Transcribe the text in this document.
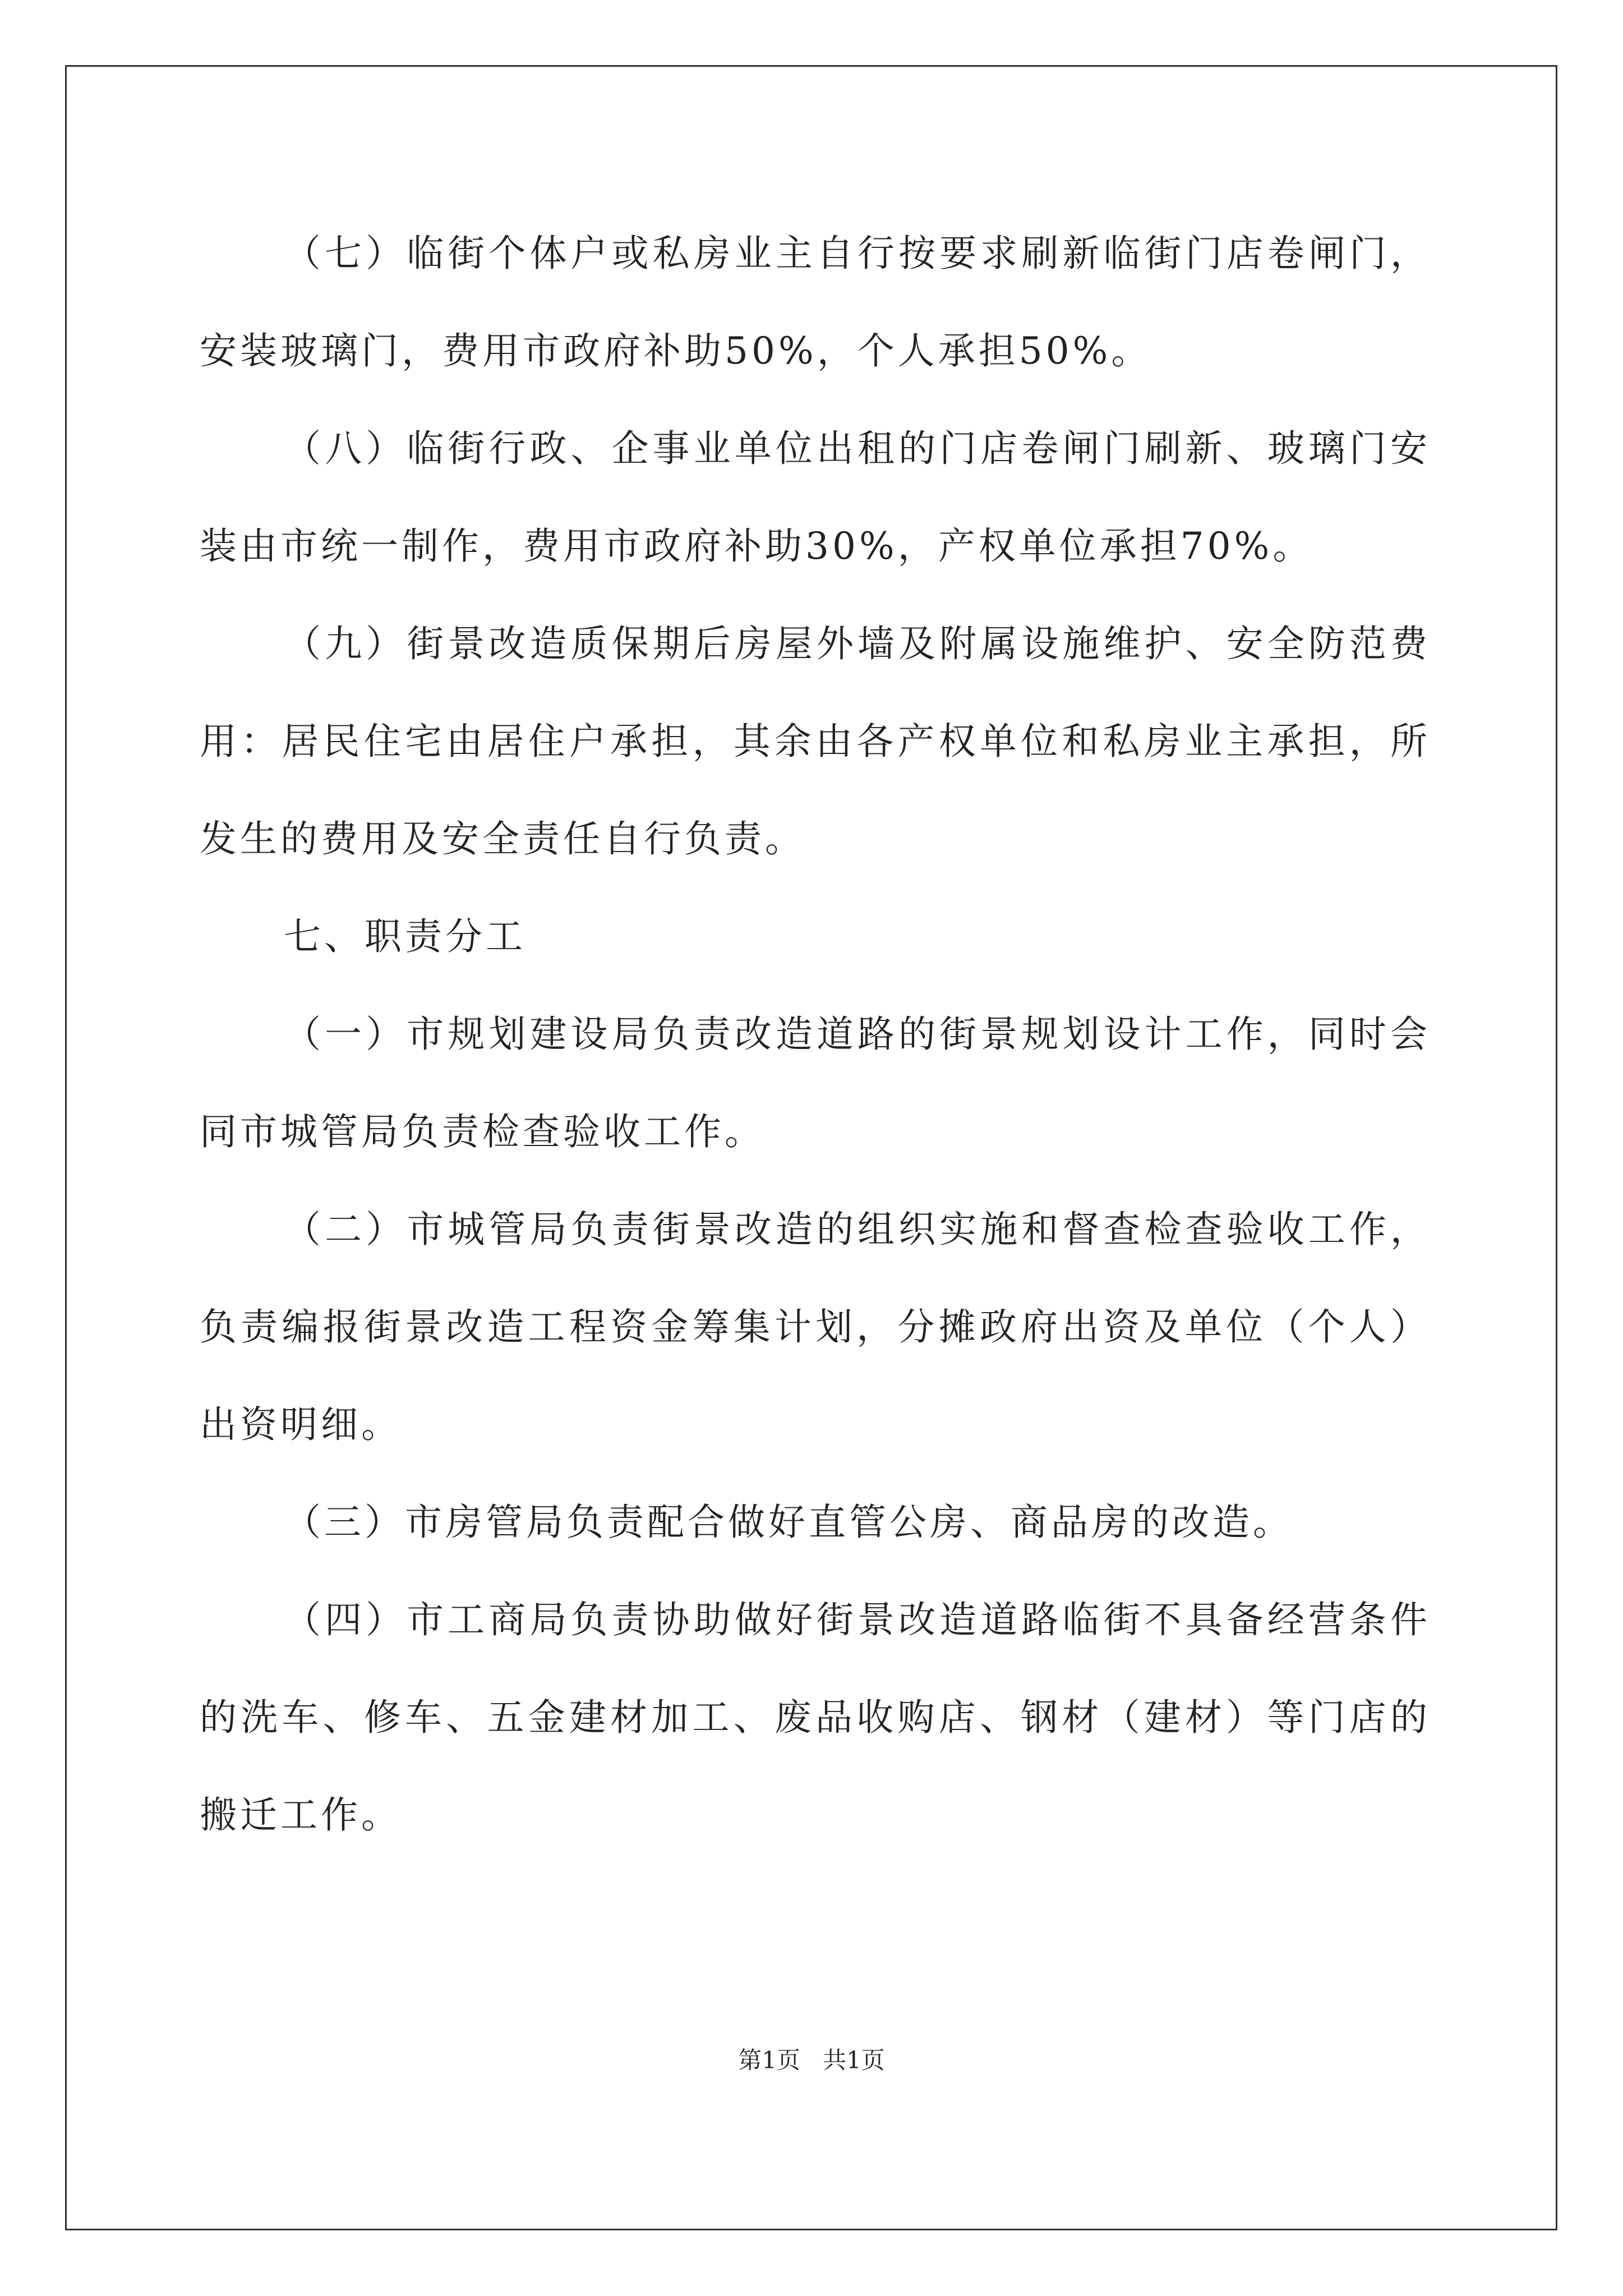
（七）临街个体户或私房业主自行按要求刷新临街门店卷闸门，安装玻璃门，费用市政府补助50%，个人承担50%。

（八）临街行政、企事业单位出租的门店卷闸门刷新、玻璃门安装由市统一制作，费用市政府补助30%，产权单位承担70%。

（九）街景改造质保期后房屋外墙及附属设施维护、安全防范费用：居民住宅由居住户承担，其余由各产权单位和私房业主承担，所发生的费用及安全责任自行负责。

七、职责分工

（一）市规划建设局负责改造道路的街景规划设计工作，同时会同市城管局负责检查验收工作。

（二）市城管局负责街景改造的组织实施和督查检查验收工作，负责编报街景改造工程资金筹集计划，分摊政府出资及单位（个人）出资明细。

（三）市房管局负责配合做好直管公房、商品房的改造。

（四）市工商局负责协助做好街景改造道路临街不具备经营条件的洗车、修车、五金建材加工、废品收购店、钢材（建材）等门店的搬迁工作。

第1页 共1页
